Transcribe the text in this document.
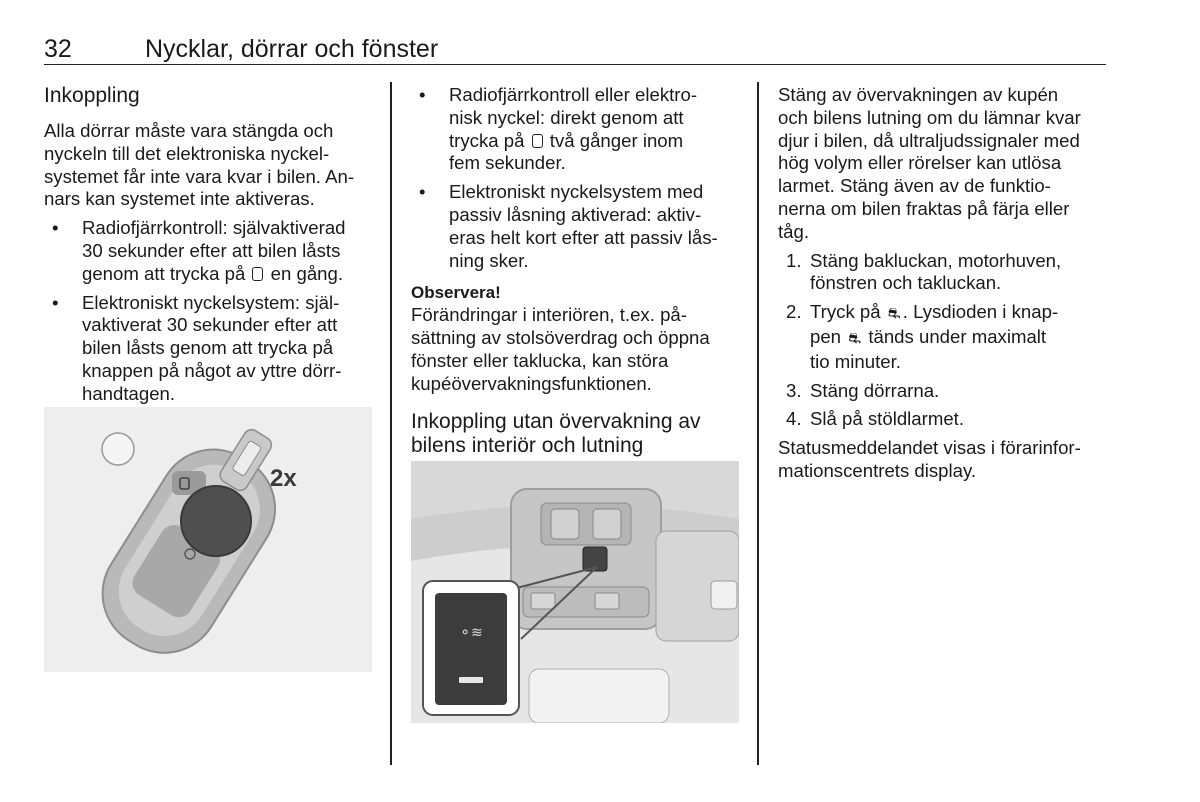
32	Nycklar, dörrar och fönster
Inkoppling

Alla dörrar måste vara stängda och
nyckeln till det elektroniska nyckel-
systemet får inte vara kvar i bilen. An-
nars kan systemet inte aktiveras.

• Radiofjärrkontroll: självaktiverad
30 sekunder efter att bilen låsts
genom att trycka på en gång.
• Elektroniskt nyckelsystem: själ-
vaktiverat 30 sekunder efter att
bilen låsts genom att trycka på
knappen på något av yttre dörr-
handtagen.
2x
• Radiofjärrkontroll eller elektro-
nisk nyckel: direkt genom att
trycka på två gånger inom
fem sekunder.
• Elektroniskt nyckelsystem med
passiv låsning aktiverad: aktiv-
eras helt kort efter att passiv lås-
ning sker.
Observera!

Förändringar i interiören, t.ex. på-
sättning av stolsöverdrag och öppna
fönster eller taklucka, kan störa
kupéövervakningsfunktionen.

Inkoppling utan övervakning av
bilens interiör och lutning
⚬≋

Stäng av övervakningen av kupén
och bilens lutning om du lämnar kvar
djur i bilen, då ultraljudssignaler med
hög volym eller rörelser kan utlösa
larmet. Stäng även av de funktio-
nerna om bilen fraktas på färja eller
tåg.

1. Stäng bakluckan, motorhuven,
fönstren och takluckan.
2. Tryck på ⛐ . Lysdioden i knap-
pen ⛐ tänds under maximalt
tio minuter.
3. Stäng dörrarna.
4. Slå på stöldlarmet.

Statusmeddelandet visas i förarinfor-
mationscentrets display.
